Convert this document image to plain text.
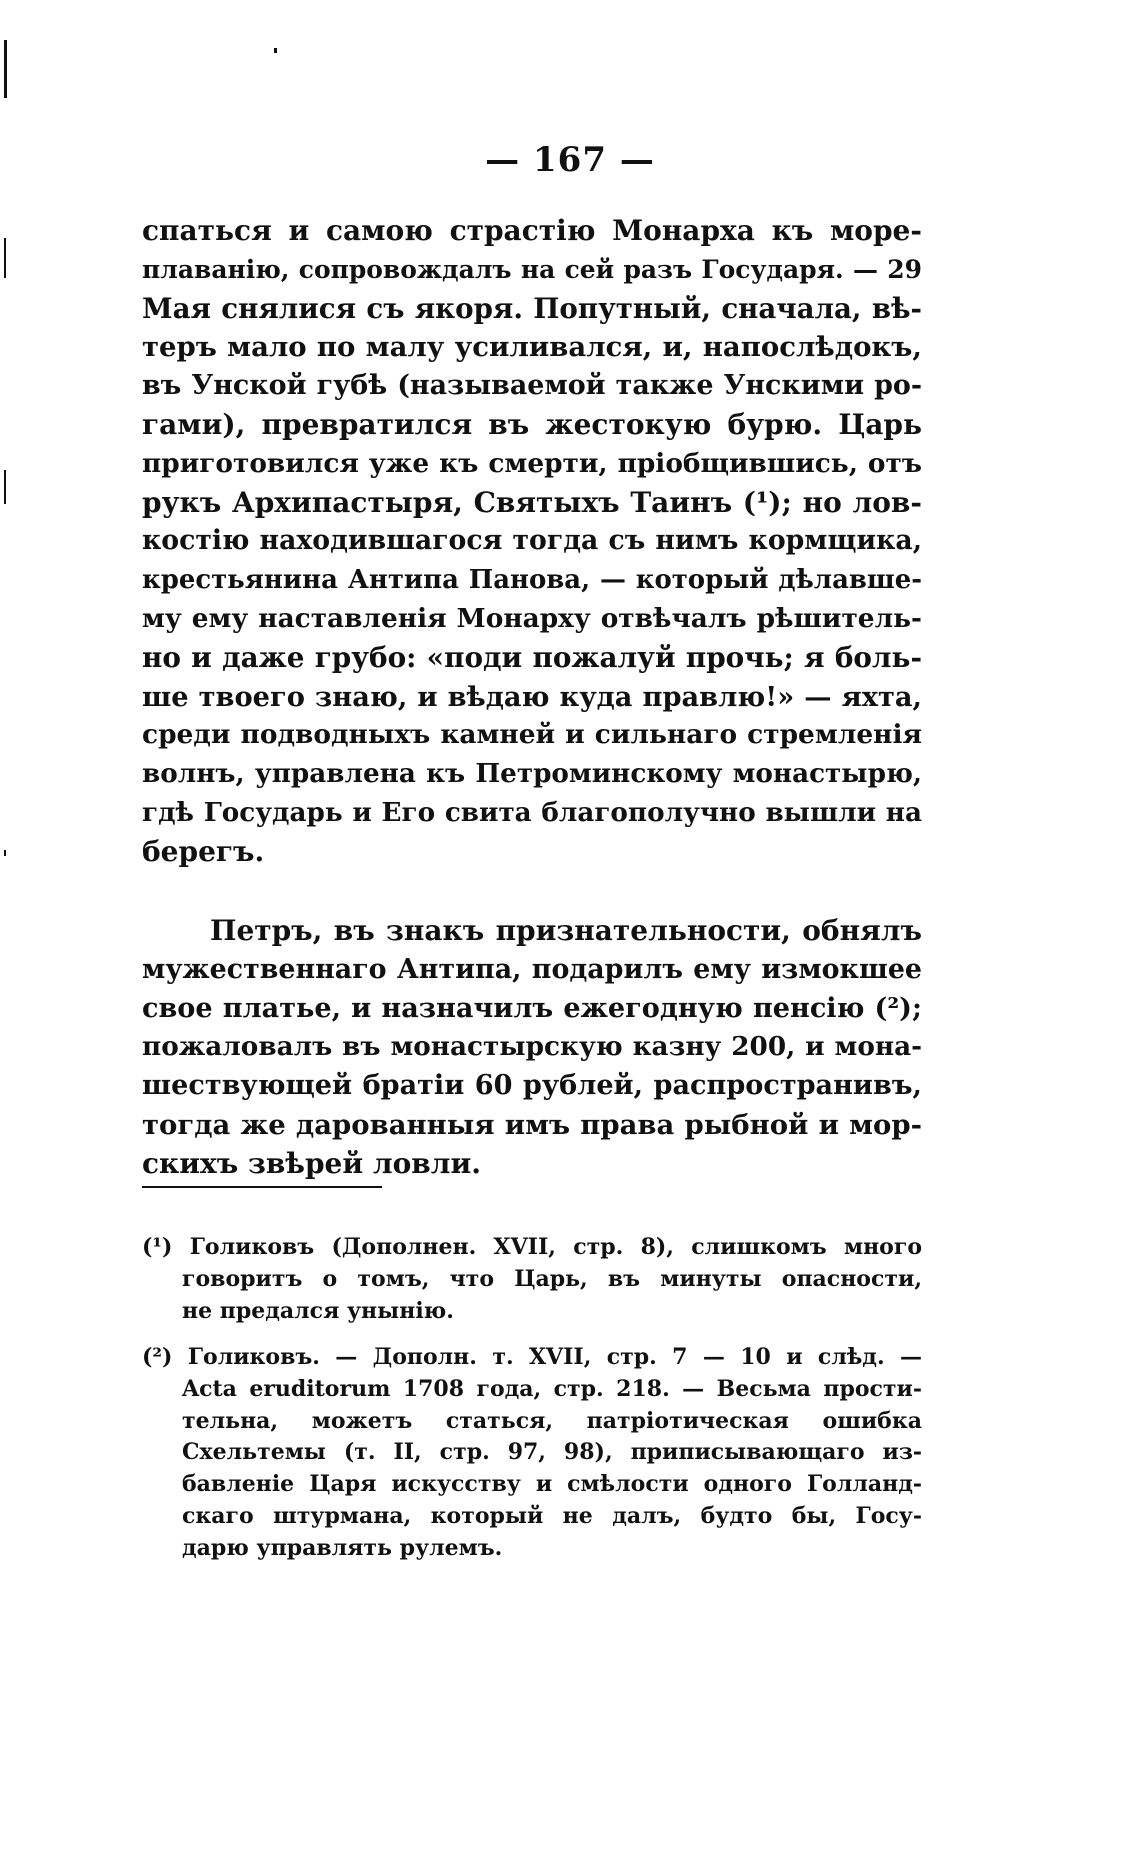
— 167 —
спаться и самою страстію Монарха къ море-
плаванію, сопровождалъ на сей разъ Государя. — 29
Мая снялися съ якоря. Попутный, сначала, вѣ-
теръ мало по малу усиливался, и, напослѣдокъ,
въ Унской губѣ (называемой также Унскими ро-
гами), превратился въ жестокую бурю. Царь
приготовился уже къ смерти, пріобщившись, отъ
рукъ Архипастыря, Святыхъ Таинъ (¹); но лов-
костію находившагося тогда съ нимъ кормщика,
крестьянина Антипа Панова, — который дѣлавше-
му ему наставленія Монарху отвѣчалъ рѣшитель-
но и даже грубо: «поди пожалуй прочь; я боль-
ше твоего знаю, и вѣдаю куда правлю!» — яхта,
среди подводныхъ камней и сильнаго стремленія
волнъ, управлена къ Петроминскому монастырю,
гдѣ Государь и Его свита благополучно вышли на
берегъ.
Петръ, въ знакъ признательности, обнялъ
мужественнаго Антипа, подарилъ ему измокшее
свое платье, и назначилъ ежегодную пенсію (²);
пожаловалъ въ монастырскую казну 200, и мона-
шествующей братіи 60 рублей, распространивъ,
тогда же дарованныя имъ права рыбной и мор-
скихъ звѣрей ловли.
(¹) Голиковъ (Дополнен. XVII, стр. 8), слишкомъ много
говоритъ о томъ, что Царь, въ минуты опасности,
не предался унынію.
(²) Голиковъ. — Дополн. т. XVII, стр. 7 — 10 и слѣд. —
Acta eruditorum 1708 года, стр. 218. — Весьма прости-
тельна, можетъ статься, патріотическая ошибка
Схельтемы (т. II, стр. 97, 98), приписывающаго из-
бавленіе Царя искусству и смѣлости одного Голланд-
скаго штурмана, который не далъ, будто бы, Госу-
дарю управлять рулемъ.
